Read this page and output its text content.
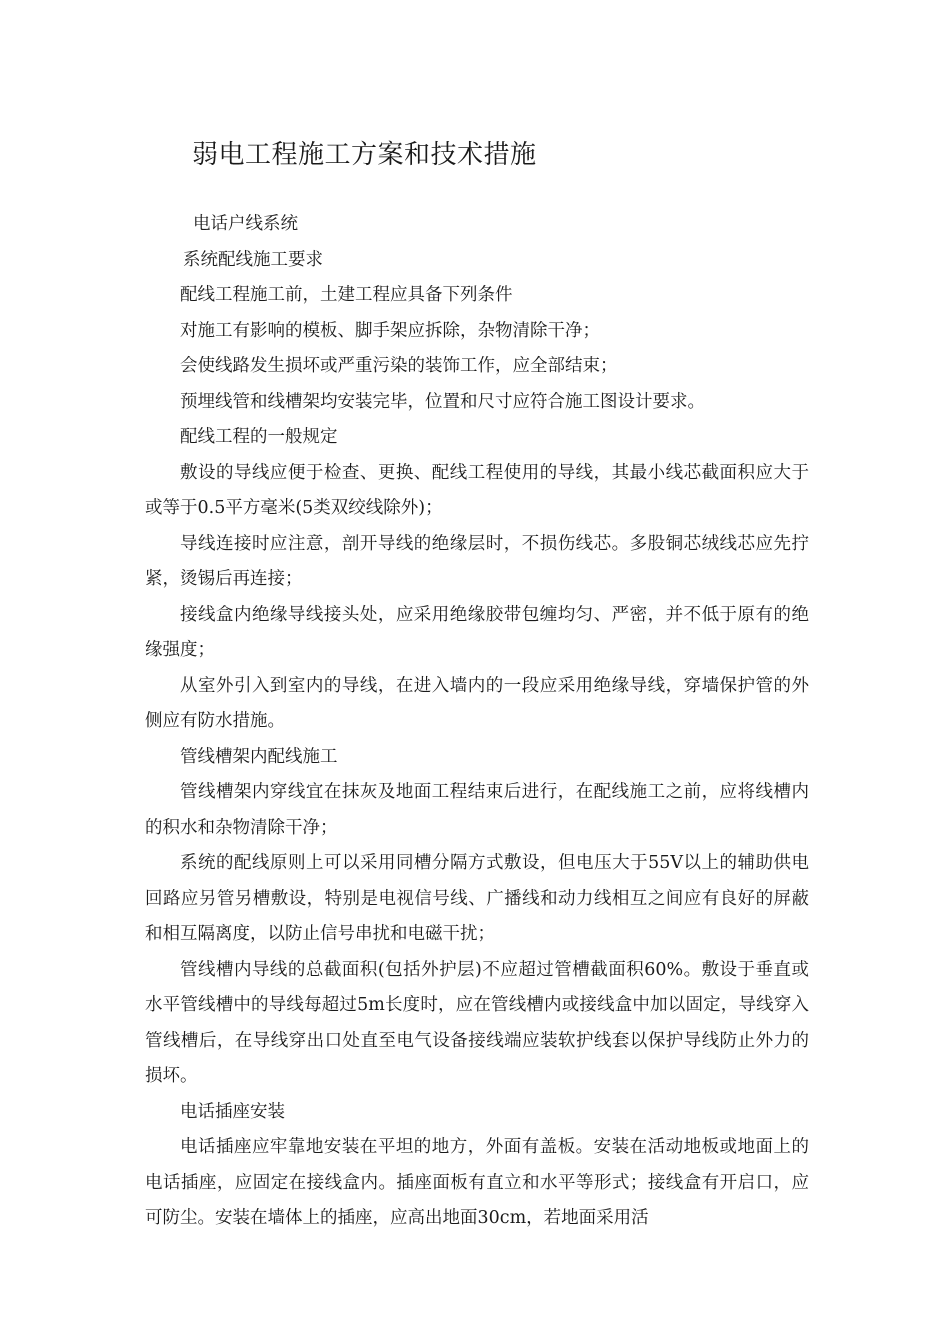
弱电工程施工方案和技术措施

电话户线系统

系统配线施工要求

配线工程施工前，土建工程应具备下列条件

对施工有影响的模板、脚手架应拆除，杂物清除干净；

会使线路发生损坏或严重污染的装饰工作，应全部结束；

预埋线管和线槽架均安装完毕，位置和尺寸应符合施工图设计要求。

配线工程的一般规定

敷设的导线应便于检查、更换、配线工程使用的导线，其最小线芯截面积应大于或等于0.5平方毫米(5类双绞线除外)；

导线连接时应注意，剖开导线的绝缘层时，不损伤线芯。多股铜芯绒线芯应先拧紧，烫锡后再连接；

接线盒内绝缘导线接头处，应采用绝缘胶带包缠均匀、严密，并不低于原有的绝缘强度；

从室外引入到室内的导线，在进入墙内的一段应采用绝缘导线，穿墙保护管的外侧应有防水措施。

管线槽架内配线施工

管线槽架内穿线宜在抹灰及地面工程结束后进行，在配线施工之前，应将线槽内的积水和杂物清除干净；

系统的配线原则上可以采用同槽分隔方式敷设，但电压大于55V以上的辅助供电回路应另管另槽敷设，特别是电视信号线、广播线和动力线相互之间应有良好的屏蔽和相互隔离度，以防止信号串扰和电磁干扰；

管线槽内导线的总截面积(包括外护层)不应超过管槽截面积60%。敷设于垂直或水平管线槽中的导线每超过5m长度时，应在管线槽内或接线盒中加以固定，导线穿入管线槽后，在导线穿出口处直至电气设备接线端应装软护线套以保护导线防止外力的损坏。

电话插座安装

电话插座应牢靠地安装在平坦的地方，外面有盖板。安装在活动地板或地面上的电话插座，应固定在接线盒内。插座面板有直立和水平等形式；接线盒有开启口，应可防尘。安装在墙体上的插座，应高出地面30cm，若地面采用活
